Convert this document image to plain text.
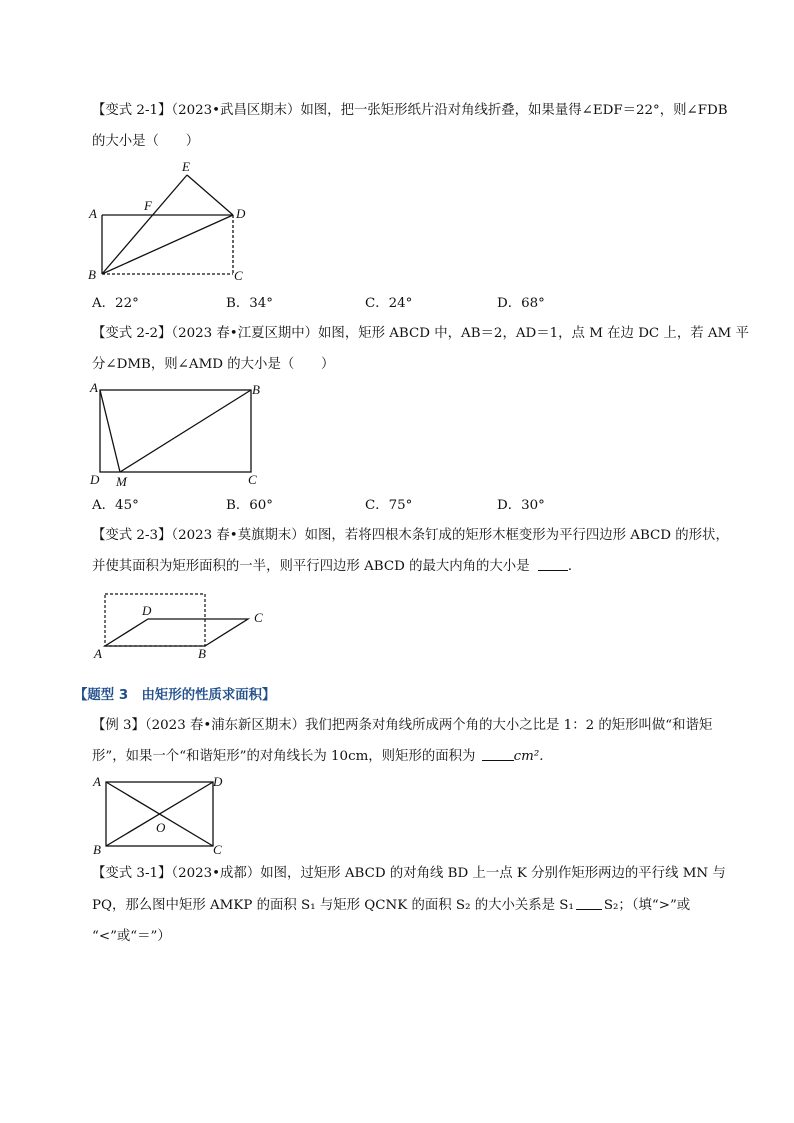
【变式 2-1】（2023•武昌区期末）如图，把一张矩形纸片沿对角线折叠，如果量得∠EDF＝22°，则∠FDB
的大小是（　　）
E
F
A	D
B	C
A．22°	B．34°	C．24°	D．68°
【变式 2-2】（2023 春•江夏区期中）如图，矩形 ABCD 中，AB＝2，AD＝1，点 M 在边 DC 上，若 AM 平
分∠DMB，则∠AMD 的大小是（　　）
A	B
D M	C
A．45°	B．60°	C．75°	D．30°
【变式 2-3】（2023 春•莫旗期末）如图，若将四根木条钉成的矩形木框变形为平行四边形 ABCD 的形状，
并使其面积为矩形面积的一半，则平行四边形 ABCD 的最大内角的大小是	．
D	C
A	B
【题型 3　由矩形的性质求面积】
【例 3】（2023 春•浦东新区期末）我们把两条对角线所成两个角的大小之比是 1：2 的矩形叫做“和谐矩
形”，如果一个“和谐矩形”的对角线长为 10cm，则矩形的面积为	cm².
A	D
O
B	C
【变式 3-1】（2023•成都）如图，过矩形 ABCD 的对角线 BD 上一点 K 分别作矩形两边的平行线 MN 与
PQ，那么图中矩形 AMKP 的面积 S₁ 与矩形 QCNK 的面积 S₂ 的大小关系是 S₁ S₂；（填“>”或
“<”或“＝”）
